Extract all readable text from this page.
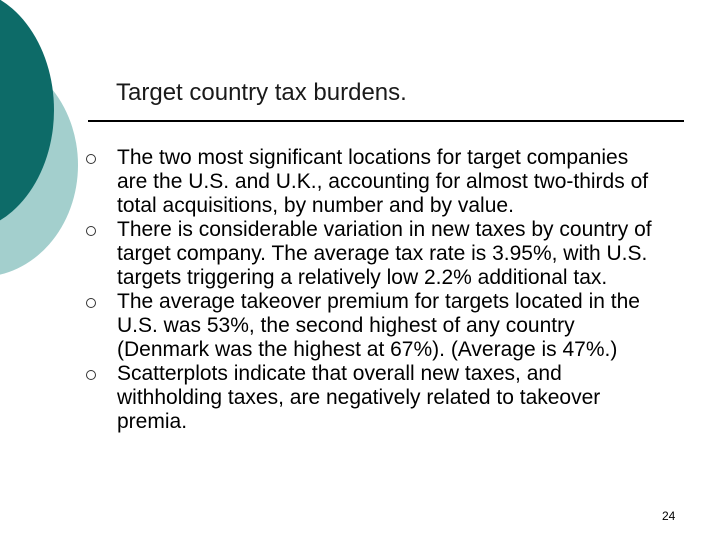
Target country tax burdens.
The two most significant locations for target companies are the U.S. and U.K., accounting for almost two-thirds of total acquisitions, by number and by value.
There is considerable variation in new taxes by country of target company. The average tax rate is 3.95%, with U.S. targets triggering a relatively low 2.2% additional tax.
The average takeover premium for targets located in the U.S. was 53%, the second highest of any country (Denmark was the highest at 67%). (Average is 47%.)
Scatterplots indicate that overall new taxes, and withholding taxes, are negatively related to takeover premia.
24
